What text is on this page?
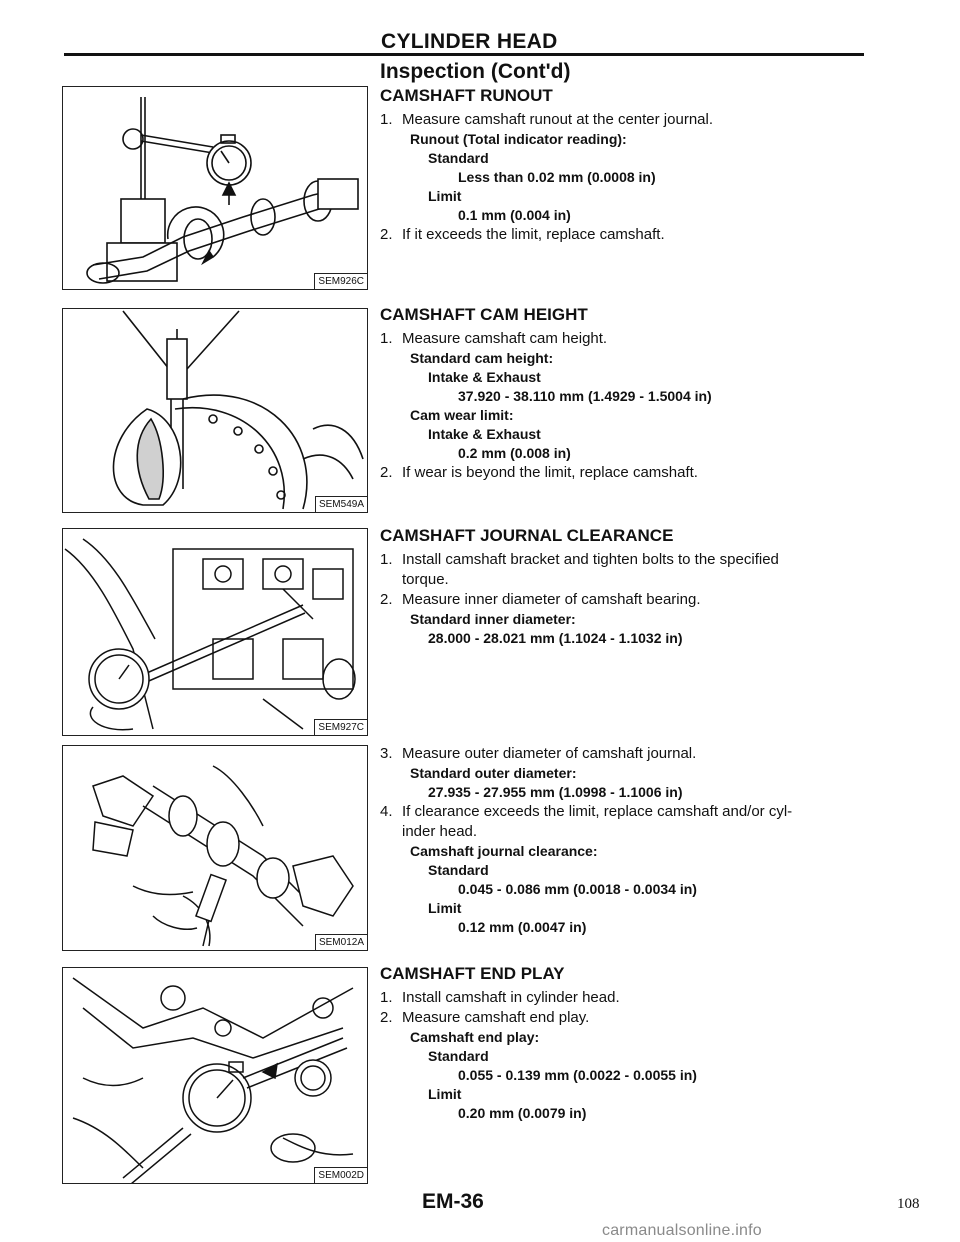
CYLINDER HEAD
Inspection (Cont'd)
SEM926C
SEM549A
SEM927C
SEM012A
SEM002D
CAMSHAFT RUNOUT
1. Measure camshaft runout at the center journal.
Runout (Total indicator reading):
Standard
Less than 0.02 mm (0.0008 in)
Limit
0.1 mm (0.004 in)
2. If it exceeds the limit, replace camshaft.
CAMSHAFT CAM HEIGHT
1. Measure camshaft cam height.
Standard cam height:
Intake & Exhaust
37.920 - 38.110 mm (1.4929 - 1.5004 in)
Cam wear limit:
Intake & Exhaust
0.2 mm (0.008 in)
2. If wear is beyond the limit, replace camshaft.
CAMSHAFT JOURNAL CLEARANCE
1. Install camshaft bracket and tighten bolts to the specified
torque.
2. Measure inner diameter of camshaft bearing.
Standard inner diameter:
28.000 - 28.021 mm (1.1024 - 1.1032 in)
3. Measure outer diameter of camshaft journal.
Standard outer diameter:
27.935 - 27.955 mm (1.0998 - 1.1006 in)
4. If clearance exceeds the limit, replace camshaft and/or cyl-
inder head.
Camshaft journal clearance:
Standard
0.045 - 0.086 mm (0.0018 - 0.0034 in)
Limit
0.12 mm (0.0047 in)
CAMSHAFT END PLAY
1. Install camshaft in cylinder head.
2. Measure camshaft end play.
Camshaft end play:
Standard
0.055 - 0.139 mm (0.0022 - 0.0055 in)
Limit
0.20 mm (0.0079 in)
EM-36	108
carmanualsonline.info
